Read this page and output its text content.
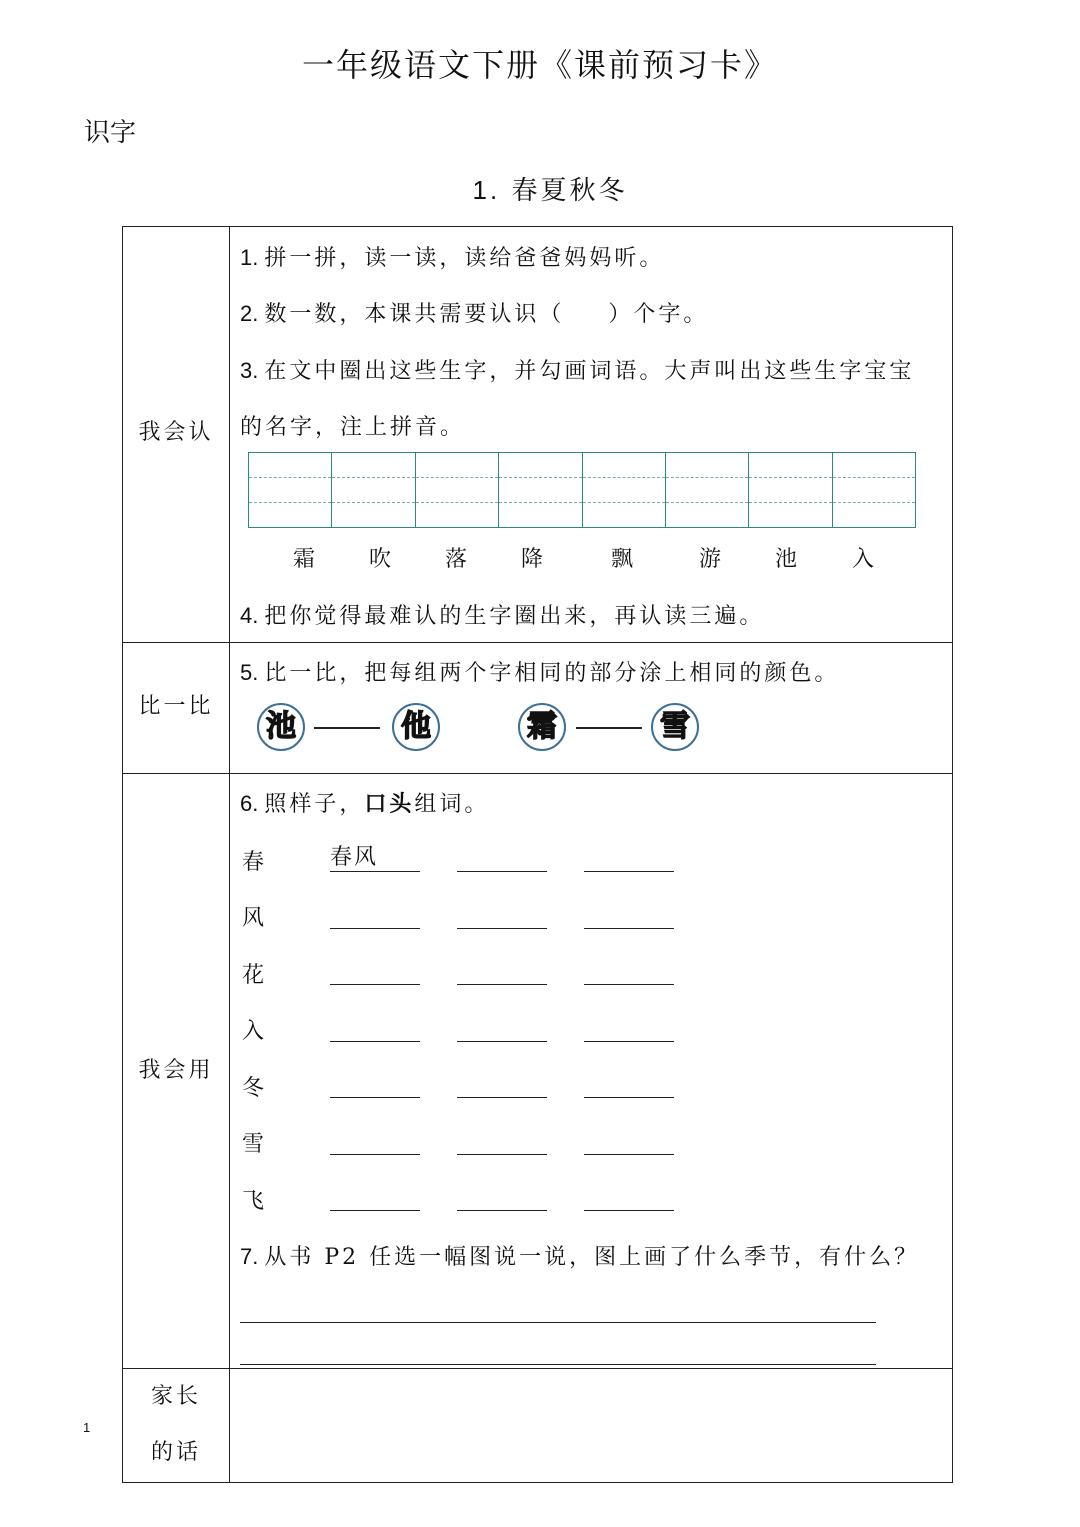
一年级语文下册《课前预习卡》
识字
1. 春夏秋冬
我会认
1. 拼一拼，读一读，读给爸爸妈妈听。
2. 数一数，本课共需要认识（ ）个字。
3. 在文中圈出这些生字，并勾画词语。大声叫出这些生字宝宝
的名字，注上拼音。
霜	吹	落	降	飘	游	池	入
4. 把你觉得最难认的生字圈出来，再认读三遍。
比一比
5. 比一比，把每组两个字相同的部分涂上相同的颜色。
池	他	霜	雪
我会用
6. 照样子，口头组词。
春	春风
风
花
入
冬
雪
飞
7. 从书 P2 任选一幅图说一说，图上画了什么季节，有什么？
家长
的话
1
